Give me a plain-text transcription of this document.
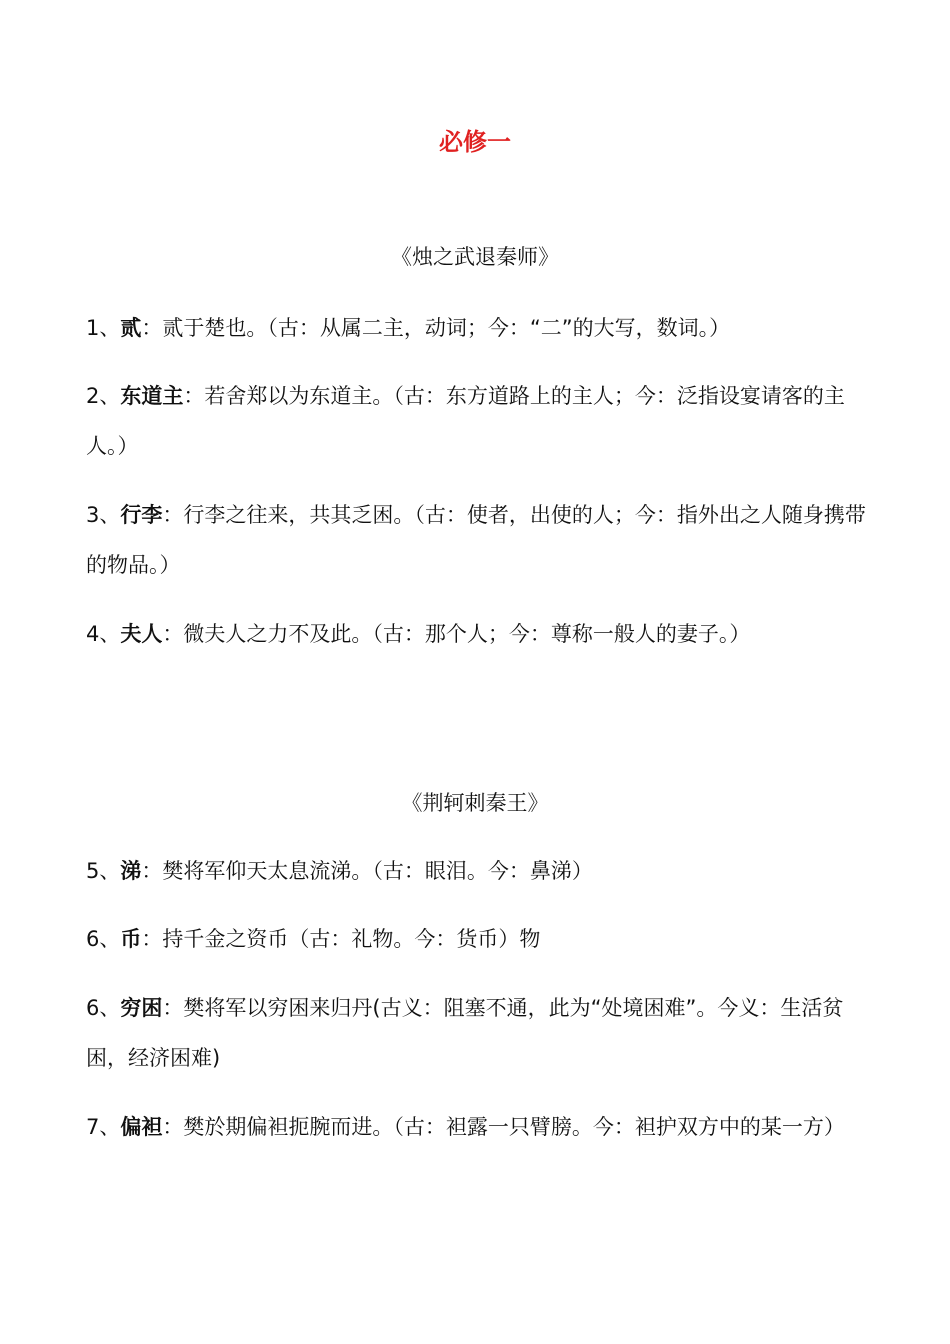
必修一
《烛之武退秦师》
1、贰：贰于楚也。（古：从属二主，动词；今：“二”的大写，数词。）
2、东道主：若舍郑以为东道主。（古：东方道路上的主人；今：泛指设宴请客的主人。）
3、行李：行李之往来，共其乏困。（古：使者，出使的人；今：指外出之人随身携带的物品。）
4、夫人：微夫人之力不及此。（古：那个人；今：尊称一般人的妻子。）
《荆轲刺秦王》
5、涕：樊将军仰天太息流涕。（古：眼泪。今：鼻涕）
6、币：持千金之资币（古：礼物。今：货币）物
6、穷困：樊将军以穷困来归丹(古义：阻塞不通，此为“处境困难”。今义：生活贫困，经济困难)
7、偏袒：樊於期偏袒扼腕而进。（古：袒露一只臂膀。今：袒护双方中的某一方）
